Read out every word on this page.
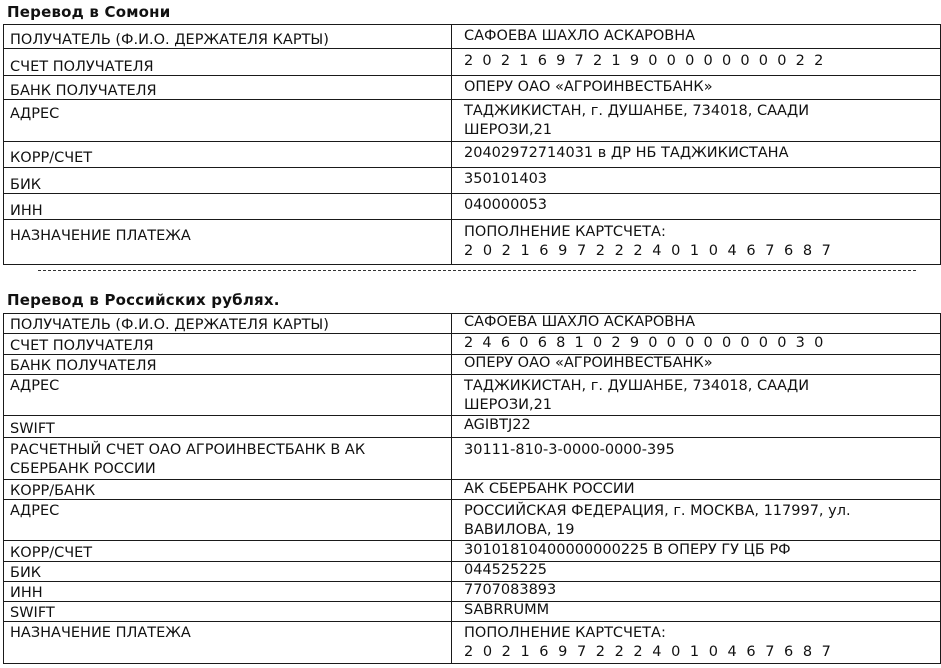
Перевод в Сомони
ПОЛУЧАТЕЛЬ (Ф.И.О. ДЕРЖАТЕЛЯ КАРТЫ)	САФОЕВА ШАХЛО АСКАРОВНА
СЧЕТ ПОЛУЧАТЕЛЯ	20216972190000000022
БАНК ПОЛУЧАТЕЛЯ	ОПЕРУ ОАО «АГРОИНВЕСТБАНК»
АДРЕС	ТАДЖИКИСТАН, г. ДУШАНБЕ, 734018, СААДИ ШЕРОЗИ,21
КОРР/СЧЕТ	20402972714031 в ДР НБ ТАДЖИКИСТАНА
БИК	350101403
ИНН	040000053
НАЗНАЧЕНИЕ ПЛАТЕЖА	ПОПОЛНЕНИЕ КАРТСЧЕТА:
20216972224010467687
Перевод в Российских рублях.
ПОЛУЧАТЕЛЬ (Ф.И.О. ДЕРЖАТЕЛЯ КАРТЫ)	САФОЕВА ШАХЛО АСКАРОВНА
СЧЕТ ПОЛУЧАТЕЛЯ	24606810290000000030
БАНК ПОЛУЧАТЕЛЯ	ОПЕРУ ОАО «АГРОИНВЕСТБАНК»
АДРЕС	ТАДЖИКИСТАН, г. ДУШАНБЕ, 734018, СААДИ ШЕРОЗИ,21
SWIFT	AGIBTJ22
РАСЧЕТНЫЙ СЧЕТ ОАО АГРОИНВЕСТБАНК В АК СБЕРБАНК РОССИИ	30111-810-3-0000-0000-395
КОРР/БАНК	АК СБЕРБАНК РОССИИ
АДРЕС	РОССИЙСКАЯ ФЕДЕРАЦИЯ, г. МОСКВА, 117997, ул. ВАВИЛОВА, 19
КОРР/СЧЕТ	30101810400000000225 В ОПЕРУ ГУ ЦБ РФ
БИК	044525225
ИНН	7707083893
SWIFT	SABRRUMM
НАЗНАЧЕНИЕ ПЛАТЕЖА	ПОПОЛНЕНИЕ КАРТСЧЕТА:
20216972224010467687
